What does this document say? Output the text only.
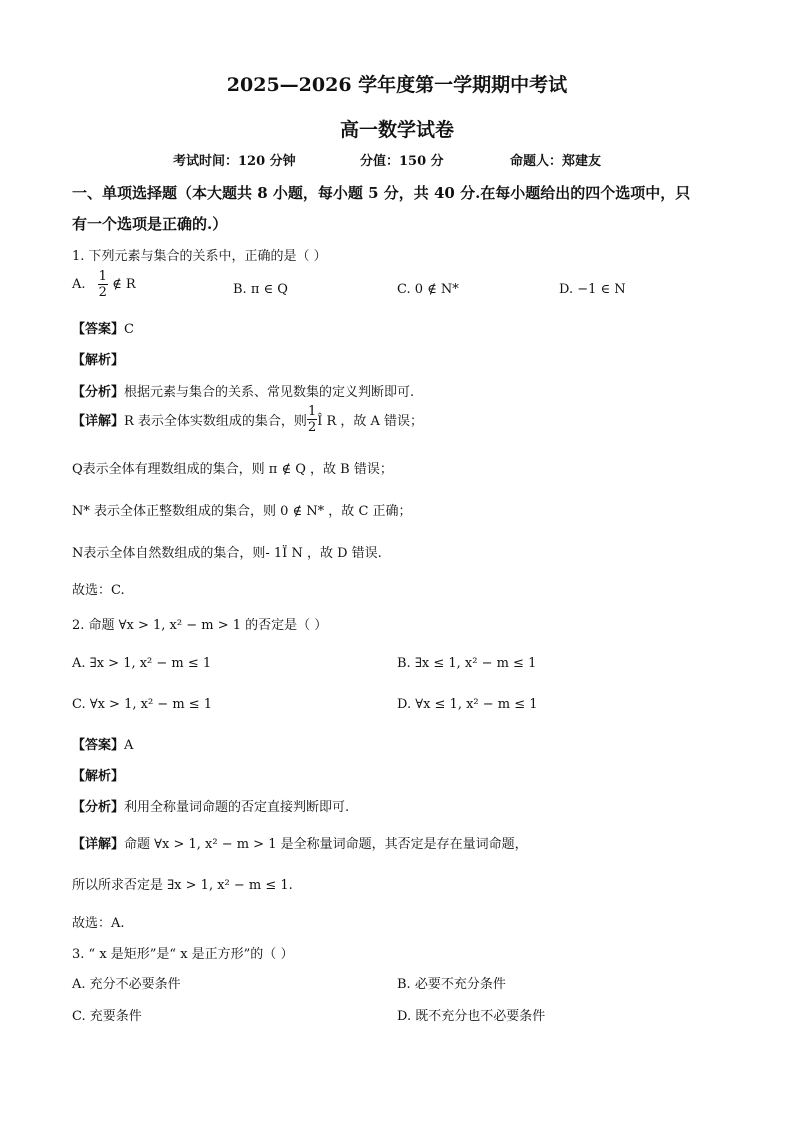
2025—2026 学年度第一学期期中考试
高一数学试卷
考试时间：120 分钟	分值：150 分	命题人：郑建友
一、单项选择题（本大题共 8 小题，每小题 5 分，共 40 分.在每小题给出的四个选项中，只
有一个选项是正确的.）
1. 下列元素与集合的关系中，正确的是（ ）
A. $\frac{1}{2}$ ∉ R	B. π ∈ Q	C. 0 ∉ N*	D. −1 ∈ N
【答案】C
【解析】
【分析】根据元素与集合的关系、常见数集的定义判断即可.
【详解】R 表示全体实数组成的集合，则 $\frac{1}{2}$ Î R ，故 A 错误；
Q表示全体有理数组成的集合，则 π ∉ Q ，故 B 错误；
N* 表示全体正整数组成的集合，则 0 ∉ N* ，故 C 正确；
N表示全体自然数组成的集合，则- 1Ï N ，故 D 错误.
故选：C.
2. 命题 ∀x > 1, x² − m > 1 的否定是（ ）
A. ∃x > 1, x² − m ≤ 1	B. ∃x ≤ 1, x² − m ≤ 1
C. ∀x > 1, x² − m ≤ 1	D. ∀x ≤ 1, x² − m ≤ 1
【答案】A
【解析】
【分析】利用全称量词命题的否定直接判断即可.
【详解】命题 ∀x > 1, x² − m > 1 是全称量词命题，其否定是存在量词命题，
所以所求否定是 ∃x > 1, x² − m ≤ 1.
故选：A.
3. “ x 是矩形”是“ x 是正方形”的（ ）
A. 充分不必要条件	B. 必要不充分条件
C. 充要条件	D. 既不充分也不必要条件
